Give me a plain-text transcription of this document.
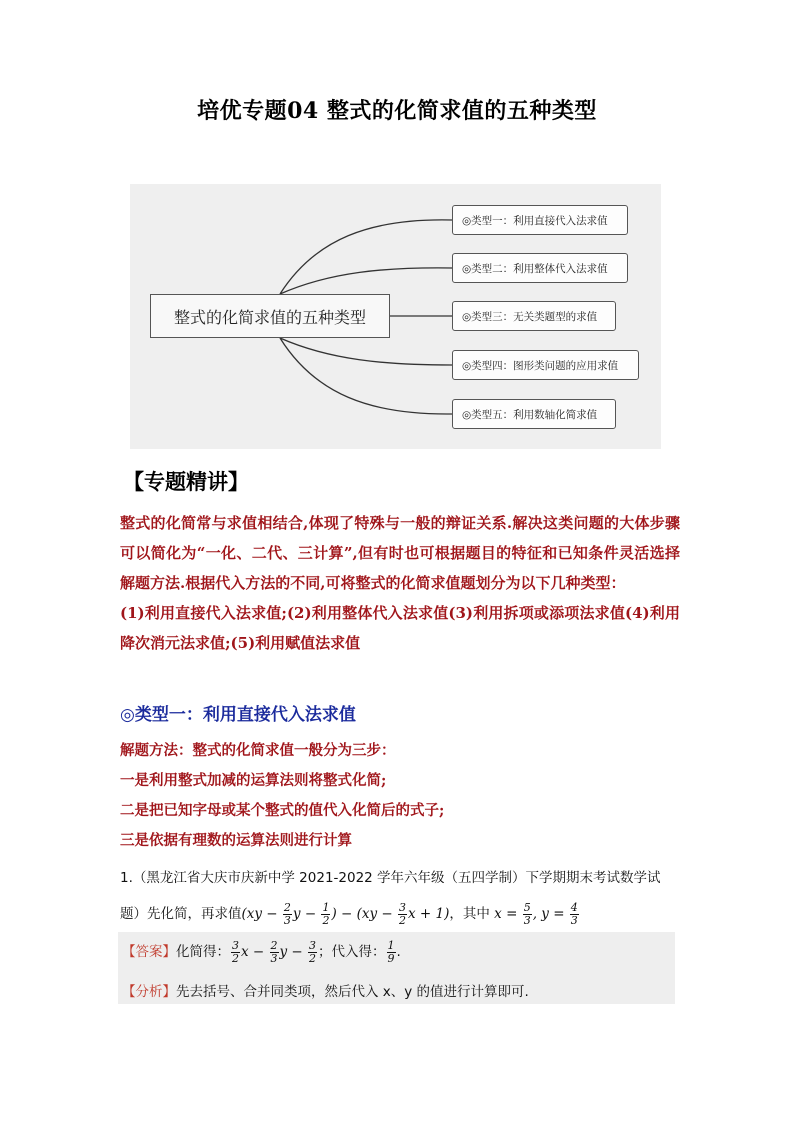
培优专题04 整式的化简求值的五种类型
整式的化简求值的五种类型
◎类型一：利用直接代入法求值
◎类型二：利用整体代入法求值
◎类型三：无关类题型的求值
◎类型四：图形类问题的应用求值
◎类型五：利用数轴化简求值
【专题精讲】

整式的化简常与求值相结合,体现了特殊与一般的辩证关系.解决这类问题的大体步骤可以简化为“一化、二代、三计算”,但有时也可根据题目的特征和已知条件灵活选择解题方法.根据代入方法的不同,可将整式的化简求值题划分为以下几种类型：

(1)利用直接代入法求值;(2)利用整体代入法求值(3)利用拆项或添项法求值(4)利用降次消元法求值;(5)利用赋值法求值

◎类型一：利用直接代入法求值

解题方法：整式的化简求值一般分为三步：

一是利用整式加减的运算法则将整式化简;

二是把已知字母或某个整式的值代入化简后的式子;

三是依据有理数的运算法则进行计算

1.（黑龙江省大庆市庆新中学 2021-2022 学年六年级（五四学制）下学期期末考试数学试

题）先化简，再求值($xy - \frac{2}{3}$ $y - \frac{1}{2}$ ) − ($xy - \frac{3}{2}$ x + 1)，其中 $x = \frac{5}{3}$ , $y = \frac{4}{3}$

【答案】化简得： $\frac{3}{2}$ $x - \frac{2}{3}$ $y - \frac{3}{2}$ ；代入得： $\frac{1}{9}$ .
【分析】先去括号、合并同类项，然后代入 x、y 的值进行计算即可.
